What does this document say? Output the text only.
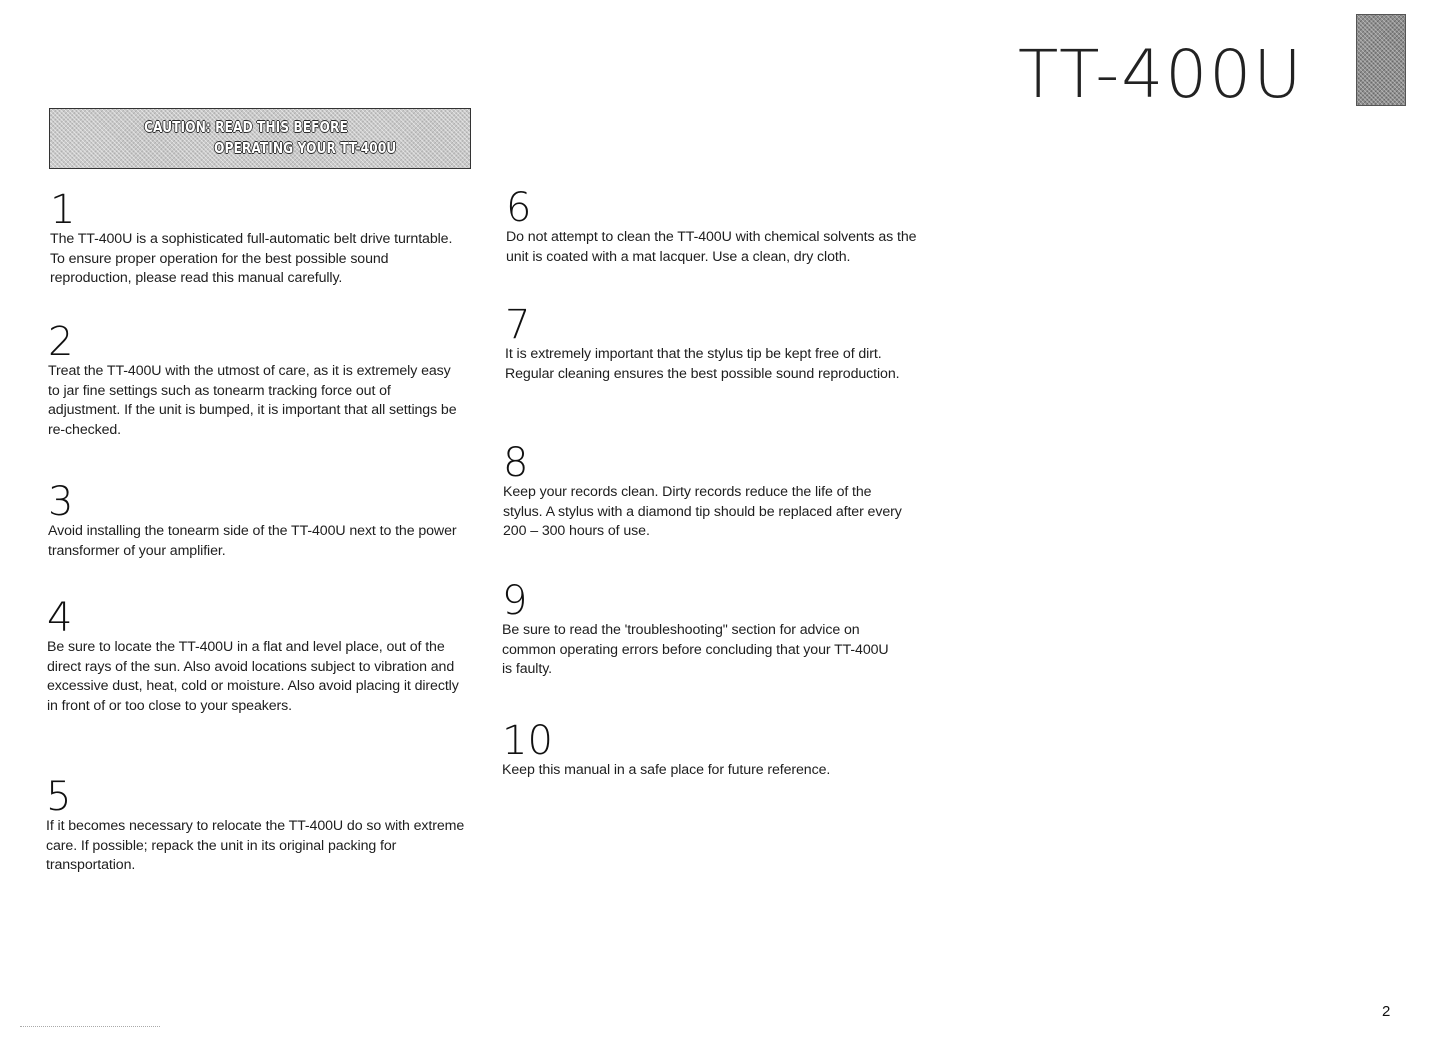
TT-400U
CAUTION: READ THIS BEFORE
OPERATING YOUR TT-400U
1
The TT-400U is a sophisticated full-automatic belt drive turntable. To ensure proper operation for the best possible sound reproduction, please read this manual carefully.
2
Treat the TT-400U with the utmost of care, as it is extremely easy to jar fine settings such as tonearm tracking force out of adjustment. If the unit is bumped, it is important that all settings be re-checked.
3
Avoid installing the tonearm side of the TT-400U next to the power transformer of your amplifier.
4
Be sure to locate the TT-400U in a flat and level place, out of the direct rays of the sun. Also avoid locations subject to vibration and excessive dust, heat, cold or moisture. Also avoid placing it directly in front of or too close to your speakers.
5
If it becomes necessary to relocate the TT-400U do so with extreme care. If possible; repack the unit in its original packing for transportation.
6
Do not attempt to clean the TT-400U with chemical solvents as the unit is coated with a mat lacquer. Use a clean, dry cloth.
7
It is extremely important that the stylus tip be kept free of dirt. Regular cleaning ensures the best possible sound reproduction.
8
Keep your records clean. Dirty records reduce the life of the stylus. A stylus with a diamond tip should be replaced after every 200 – 300 hours of use.
9
Be sure to read the 'troubleshooting" section for advice on common operating errors before concluding that your TT-400U is faulty.
10
Keep this manual in a safe place for future reference.
2
